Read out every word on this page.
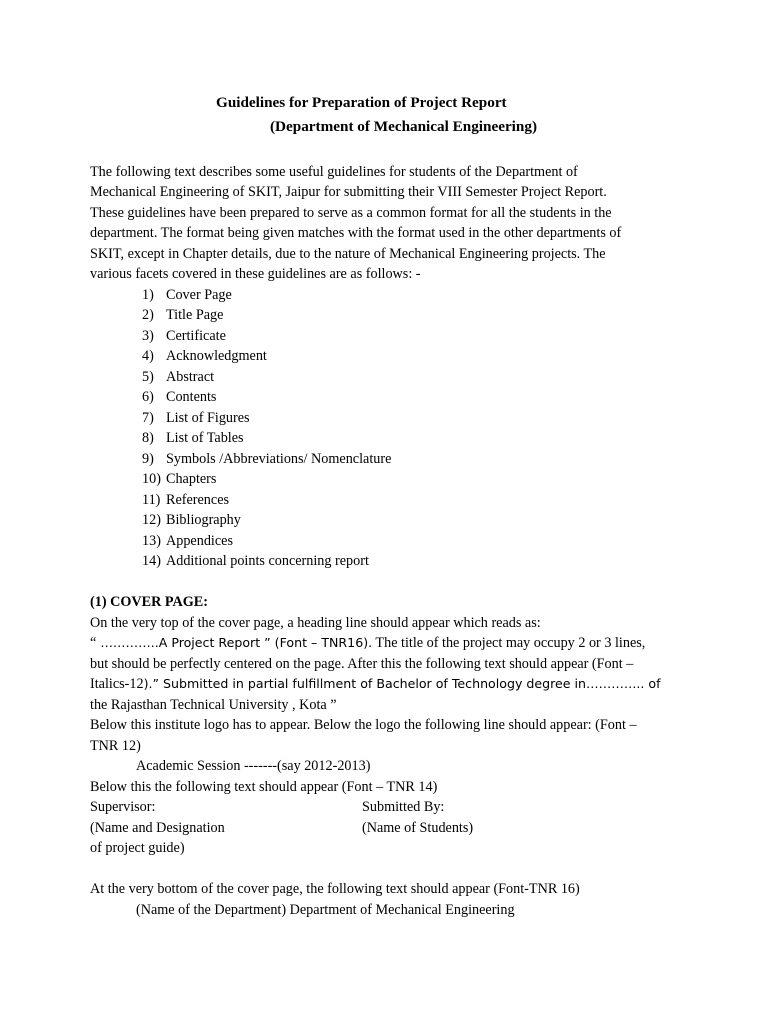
Guidelines for Preparation of Project Report
(Department of Mechanical Engineering)
The following text describes some useful guidelines for students of the Department of
Mechanical Engineering of SKIT, Jaipur for submitting their VIII Semester Project Report.
These guidelines have been prepared to serve as a common format for all the students in the
department. The format being given matches with the format used in the other departments of
SKIT, except in Chapter details, due to the nature of Mechanical Engineering projects. The
various facets covered in these guidelines are as follows: -
1) Cover Page
2) Title Page
3) Certificate
4) Acknowledgment
5) Abstract
6) Contents
7) List of Figures
8) List of Tables
9) Symbols /Abbreviations/ Nomenclature
10) Chapters
11) References
12) Bibliography
13) Appendices
14) Additional points concerning report
(1) COVER PAGE:
On the very top of the cover page, a heading line should appear which reads as:
“ …………..A Project Report ” (Font – TNR16). The title of the project may occupy 2 or 3 lines,
but should be perfectly centered on the page. After this the following text should appear (Font –
Italics-12).” Submitted in partial fulfillment of Bachelor of Technology degree in………….. of
the Rajasthan Technical University , Kota ”
Below this institute logo has to appear. Below the logo the following line should appear: (Font –
TNR 12)
Academic Session -------(say 2012-2013)
Below this the following text should appear (Font – TNR 14)
Supervisor:	Submitted By:
(Name and Designation	(Name of Students)
of project guide)
At the very bottom of the cover page, the following text should appear (Font-TNR 16)
(Name of the Department) Department of Mechanical Engineering
